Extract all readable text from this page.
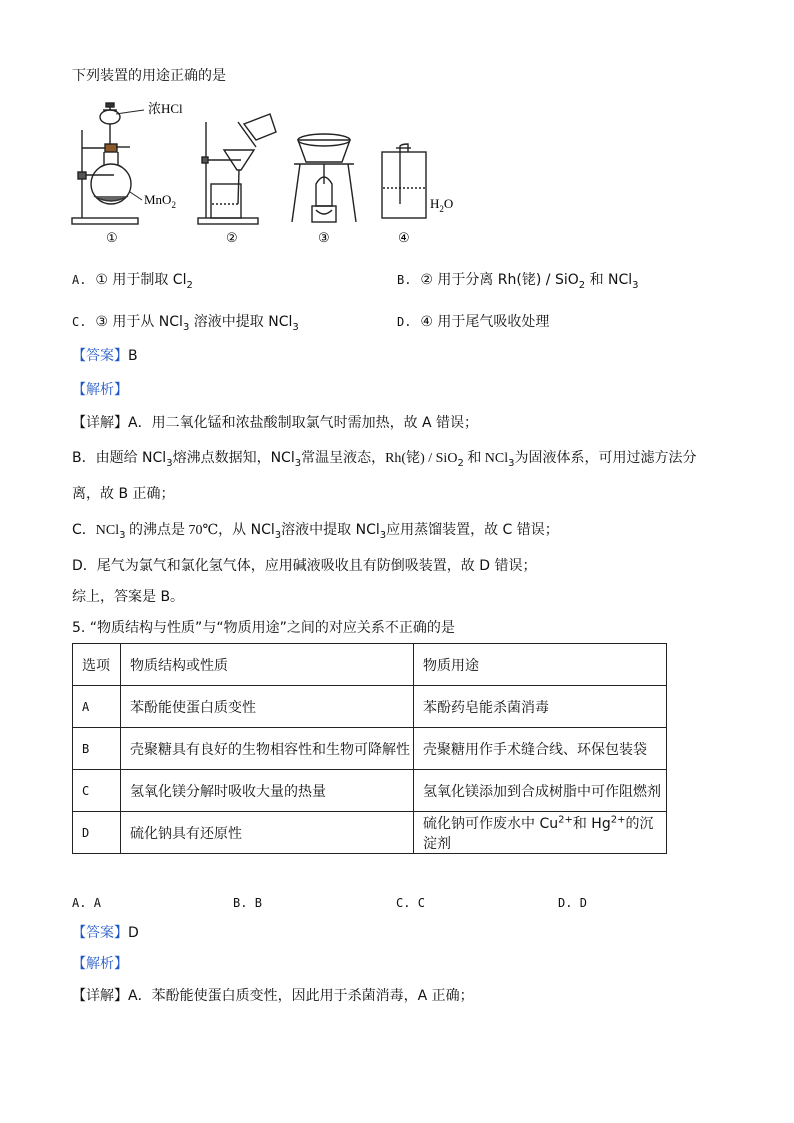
下列装置的用途正确的是
浓HCl
MnO$_2$	$H_2O$
①	②	③	④
A. ① 用于制取 $Cl_2$	B. ② 用于分离 Rh(铑) / SiO$_2$ 和 NCl$_3$
C. ③ 用于从 NCl$_3$ 溶液中提取 NCl$_3$	D. ④ 用于尾气吸收处理
【答案】B
【解析】
【详解】A．用二氧化锰和浓盐酸制取氯气时需加热，故 A 错误；
B．由题给 NCl$_3$熔沸点数据知，NCl$_3$常温呈液态，Rh(铑) / SiO$_2$ 和 NCl$_3$为固液体系，可用过滤方法分
离，故 B 正确；
C．NCl$_3$ 的沸点是 70℃，从 NCl$_3$溶液中提取 NCl$_3$应用蒸馏装置，故 C 错误；
D．尾气为氯气和氯化氢气体，应用碱液吸收且有防倒吸装置，故 D 错误；
综上，答案是 B。
5. “物质结构与性质”与“物质用途”之间的对应关系不正确的是
选项	物质结构或性质	物质用途
A	苯酚能使蛋白质变性	苯酚药皂能杀菌消毒
B	壳聚糖具有良好的生物相容性和生物可降解性	壳聚糖用作手术缝合线、环保包装袋
C	氢氧化镁分解时吸收大量的热量	氢氧化镁添加到合成树脂中可作阻燃剂
D	硫化钠具有还原性	硫化钠可作废水中 $Cu^{2+}$和 $Hg^{2+}$的沉淀剂
A. A	B. B	C. C	D. D
【答案】D
【解析】
【详解】A．苯酚能使蛋白质变性，因此用于杀菌消毒，A 正确；
